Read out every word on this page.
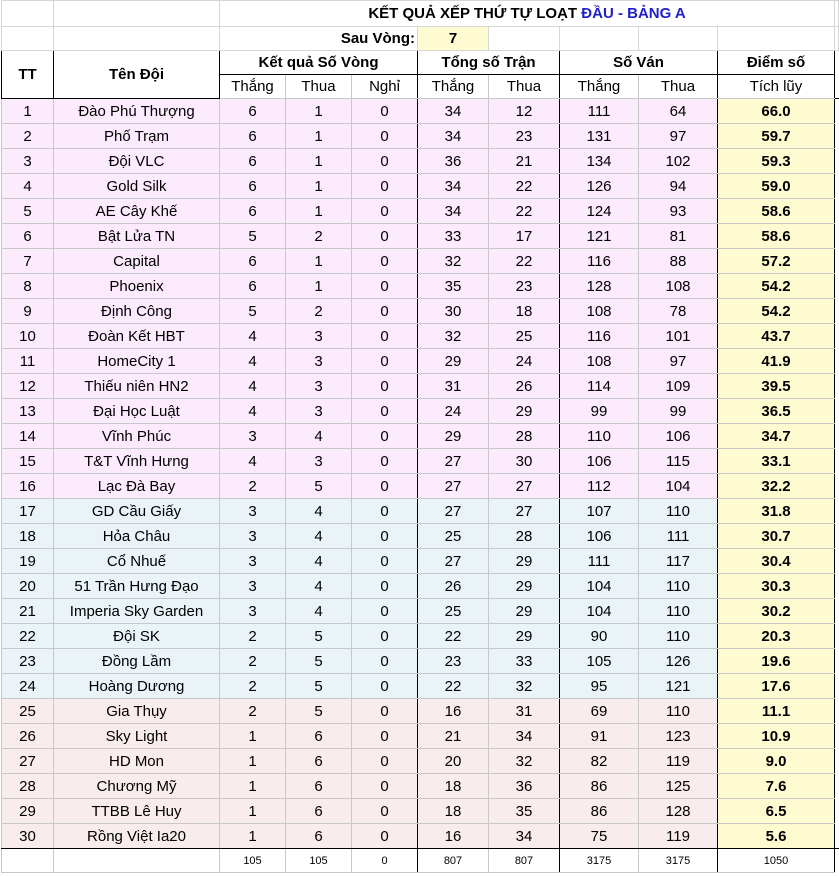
		KẾT QUẢ XẾP THỨ TỰ LOẠT ĐẦU - BẢNG A								
		Sau Vòng:			7					
TT	Tên Đội	Kết quả Số Vòng			Tổng số Trận		Số Ván		Điểm số	
		Thắng	Thua	Nghỉ	Thắng	Thua	Thắng	Thua	Tích lũy	
1	Đào Phú Thượng	6	1	0	34	12	111	64	66.0	
2	Phố Trạm	6	1	0	34	23	131	97	59.7	
3	Đội VLC	6	1	0	36	21	134	102	59.3	
4	Gold Silk	6	1	0	34	22	126	94	59.0	
5	AE Cây Khế	6	1	0	34	22	124	93	58.6	
6	Bật Lửa TN	5	2	0	33	17	121	81	58.6	
7	Capital	6	1	0	32	22	116	88	57.2	
8	Phoenix	6	1	0	35	23	128	108	54.2	
9	Định Công	5	2	0	30	18	108	78	54.2	
10	Đoàn Kết HBT	4	3	0	32	25	116	101	43.7	
11	HomeCity 1	4	3	0	29	24	108	97	41.9	
12	Thiếu niên HN2	4	3	0	31	26	114	109	39.5	
13	Đại Học Luật	4	3	0	24	29	99	99	36.5	
14	Vĩnh Phúc	3	4	0	29	28	110	106	34.7	
15	T&T Vĩnh Hưng	4	3	0	27	30	106	115	33.1	
16	Lạc Đà Bay	2	5	0	27	27	112	104	32.2	
17	GD Cầu Giấy	3	4	0	27	27	107	110	31.8	
18	Hỏa Châu	3	4	0	25	28	106	111	30.7	
19	Cổ Nhuế	3	4	0	27	29	111	117	30.4	
20	51 Trần Hưng Đạo	3	4	0	26	29	104	110	30.3	
21	Imperia Sky Garden	3	4	0	25	29	104	110	30.2	
22	Đội SK	2	5	0	22	29	90	110	20.3	
23	Đồng Lầm	2	5	0	23	33	105	126	19.6	
24	Hoàng Dương	2	5	0	22	32	95	121	17.6	
25	Gia Thụy	2	5	0	16	31	69	110	11.1	
26	Sky Light	1	6	0	21	34	91	123	10.9	
27	HD Mon	1	6	0	20	32	82	119	9.0	
28	Chương Mỹ	1	6	0	18	36	86	125	7.6	
29	TTBB Lê Huy	1	6	0	18	35	86	128	6.5	
30	Rồng Việt Ia20	1	6	0	16	34	75	119	5.6	
		105	105	0	807	807	3175	3175	1050	
